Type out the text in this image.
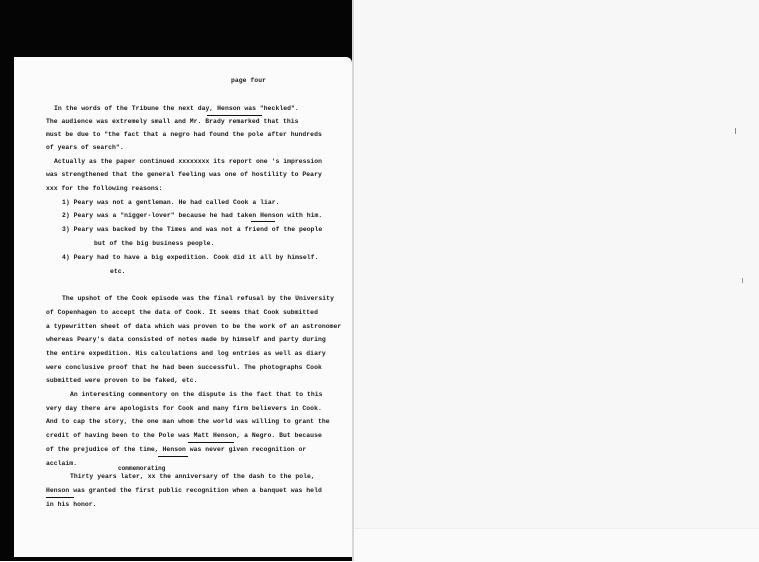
page four
In the words of the Tribune the next day, Henson was "heckled".
The audience was extremely small and Mr. Brady remarked that this
must be due to "the fact that a negro had found the pole after hundreds
of years of search".
Actually as the paper continued xxxxxxxx its report one 's impression
was strengthened that the general feeling was one of hostility to Peary
xxx for the following reasons:
1) Peary was not a gentleman. He had called Cook a liar.
2) Peary was a "nigger-lover" because he had taken Henson with him.
3) Peary was backed by the Times and was not a friend of the people
but of the big business people.
4) Peary had to have a big expedition. Cook did it all by himself.
etc.
The upshot of the Cook episode was the final refusal by the University
of Copenhagen to accept the data of Cook. It seems that Cook submitted
a typewritten sheet of data which was proven to be the work of an astronomer
whereas Peary's data consisted of notes made by himself and party during
the entire expedition. His calculations and log entries as well as diary
were conclusive proof that he had been successful. The photographs Cook
submitted were proven to be faked, etc.
An interesting commentory on the dispute is the fact that to this
very day there are apologists for Cook and many firm believers in Cook.
And to cap the story, the one man whom the world was willing to grant the
credit of having been to the Pole was Matt Henson, a Negro. But because
of the prejudice of the time, Henson was never given recognition or
acclaim.
commemorating
Thirty years later, xx the anniversary of the dash to the pole,
Henson was granted the first public recognition when a banquet was held
in his honor.
